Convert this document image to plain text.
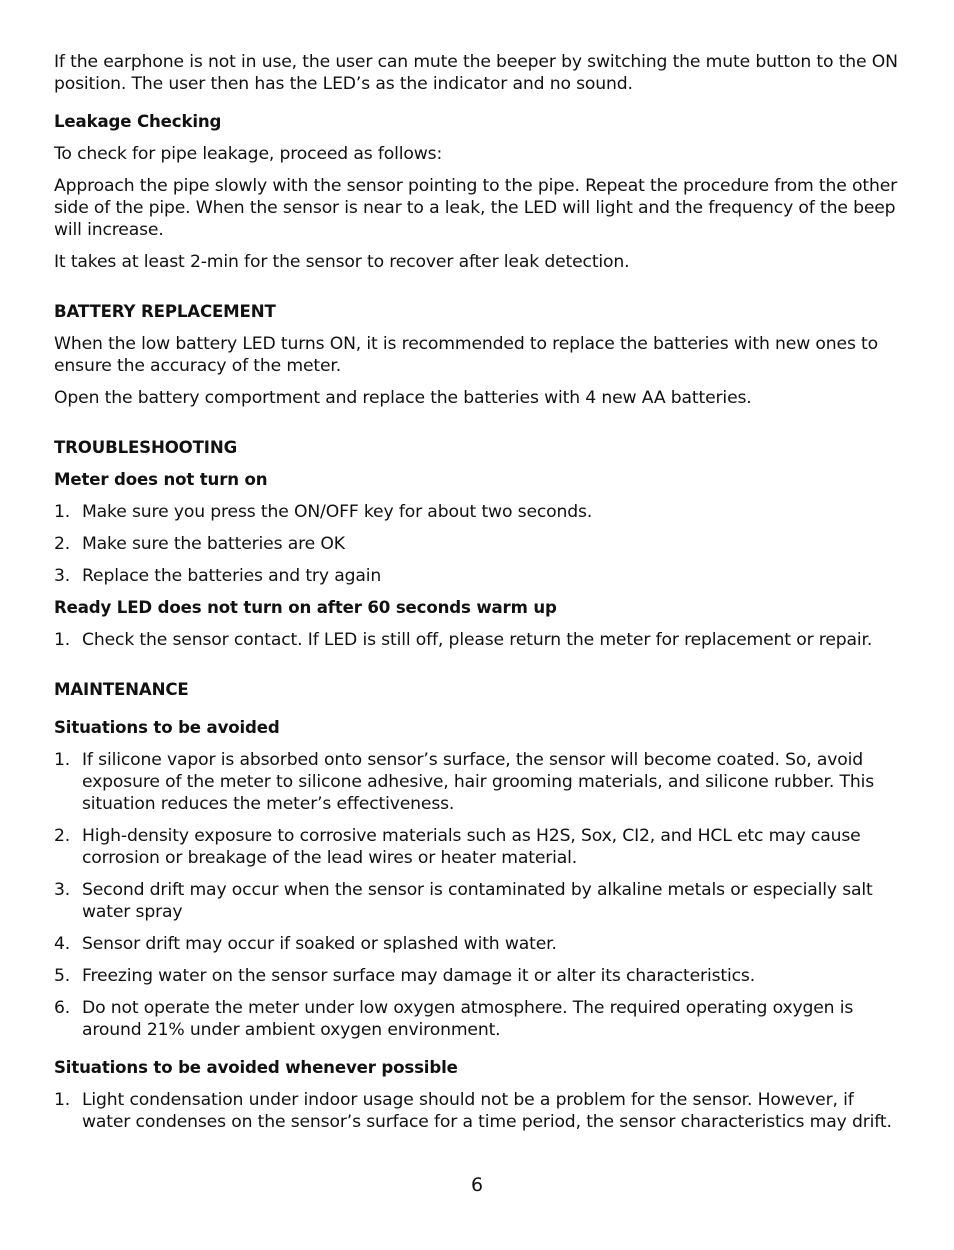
If the earphone is not in use, the user can mute the beeper by switching the mute button to the ON position. The user then has the LED’s as the indicator and no sound.

Leakage Checking

To check for pipe leakage, proceed as follows:

Approach the pipe slowly with the sensor pointing to the pipe. Repeat the procedure from the other side of the pipe. When the sensor is near to a leak, the LED will light and the frequency of the beep will increase.

It takes at least 2-min for the sensor to recover after leak detection.

BATTERY REPLACEMENT

When the low battery LED turns ON, it is recommended to replace the batteries with new ones to ensure the accuracy of the meter.

Open the battery comportment and replace the batteries with 4 new AA batteries.

TROUBLESHOOTING

Meter does not turn on

1. Make sure you press the ON/OFF key for about two seconds.
2. Make sure the batteries are OK
3. Replace the batteries and try again

Ready LED does not turn on after 60 seconds warm up

1. Check the sensor contact. If LED is still off, please return the meter for replacement or repair.

MAINTENANCE

Situations to be avoided

1. If silicone vapor is absorbed onto sensor’s surface, the sensor will become coated. So, avoid exposure of the meter to silicone adhesive, hair grooming materials, and silicone rubber. This situation reduces the meter’s effectiveness.
2. High-density exposure to corrosive materials such as H2S, Sox, CI2, and HCL etc may cause corrosion or breakage of the lead wires or heater material.
3. Second drift may occur when the sensor is contaminated by alkaline metals or especially salt water spray
4. Sensor drift may occur if soaked or splashed with water.
5. Freezing water on the sensor surface may damage it or alter its characteristics.
6. Do not operate the meter under low oxygen atmosphere. The required operating oxygen is around 21% under ambient oxygen environment.

Situations to be avoided whenever possible

1. Light condensation under indoor usage should not be a problem for the sensor. However, if water condenses on the sensor’s surface for a time period, the sensor characteristics may drift.
6
